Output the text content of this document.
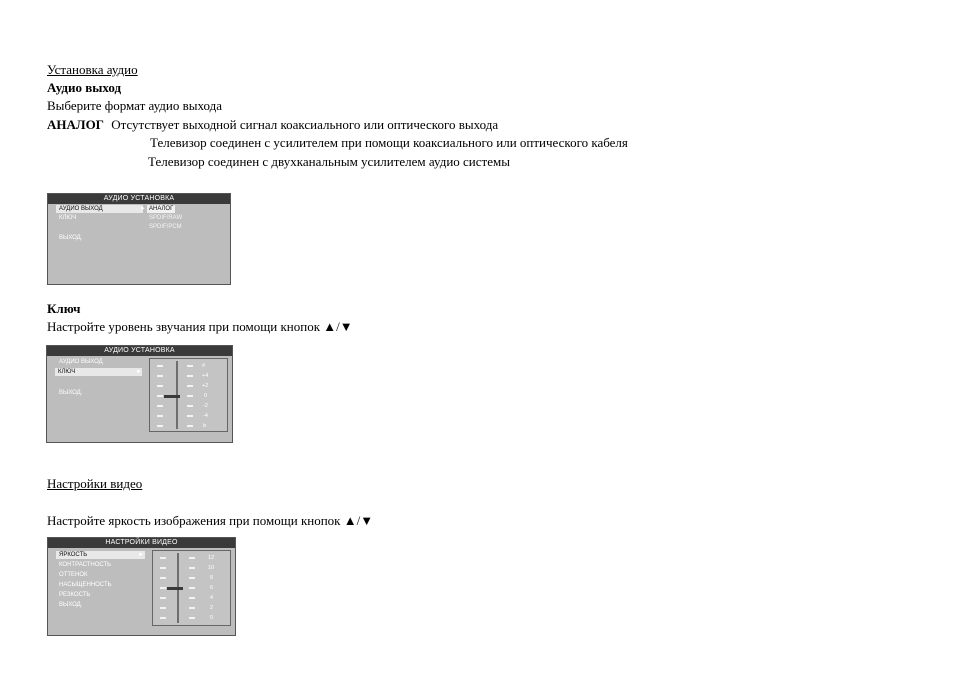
Установка аудио
Аудио выход
Выберите формат аудио выхода
АНАЛОГ Отсутствует выходной сигнал коаксиального или оптического выхода
Телевизор соединен с усилителем при помощи коаксиального или оптического кабеля
Телевизор соединен с двухканальным усилителем аудио системы
АУДИО УСТАНОВКА
АУДИО ВЫХОД	►
КЛЮЧ
ВЫХОД.
АНАЛОГ
SPDIF/RAW
SPDIF/PCM
Ключ
Настройте уровень звучания при помощи кнопок ▲/▼
АУДИО УСТАНОВКА
АУДИО ВЫХОД
КЛЮЧ	►
ВЫХОД.
#
+4
+2
0
-2
-4
b
Настройки видео
Настройте яркость изображения при помощи кнопок ▲/▼
НАСТРОЙКИ ВИДЕО
ЯРКОСТЬ	►
КОНТРАСТНОСТЬ
ОТТЕНОК
НАСЫЩЕННОСТЬ
РЕЗКОСТЬ
ВЫХОД.
12
10
8
6
4
2
0
